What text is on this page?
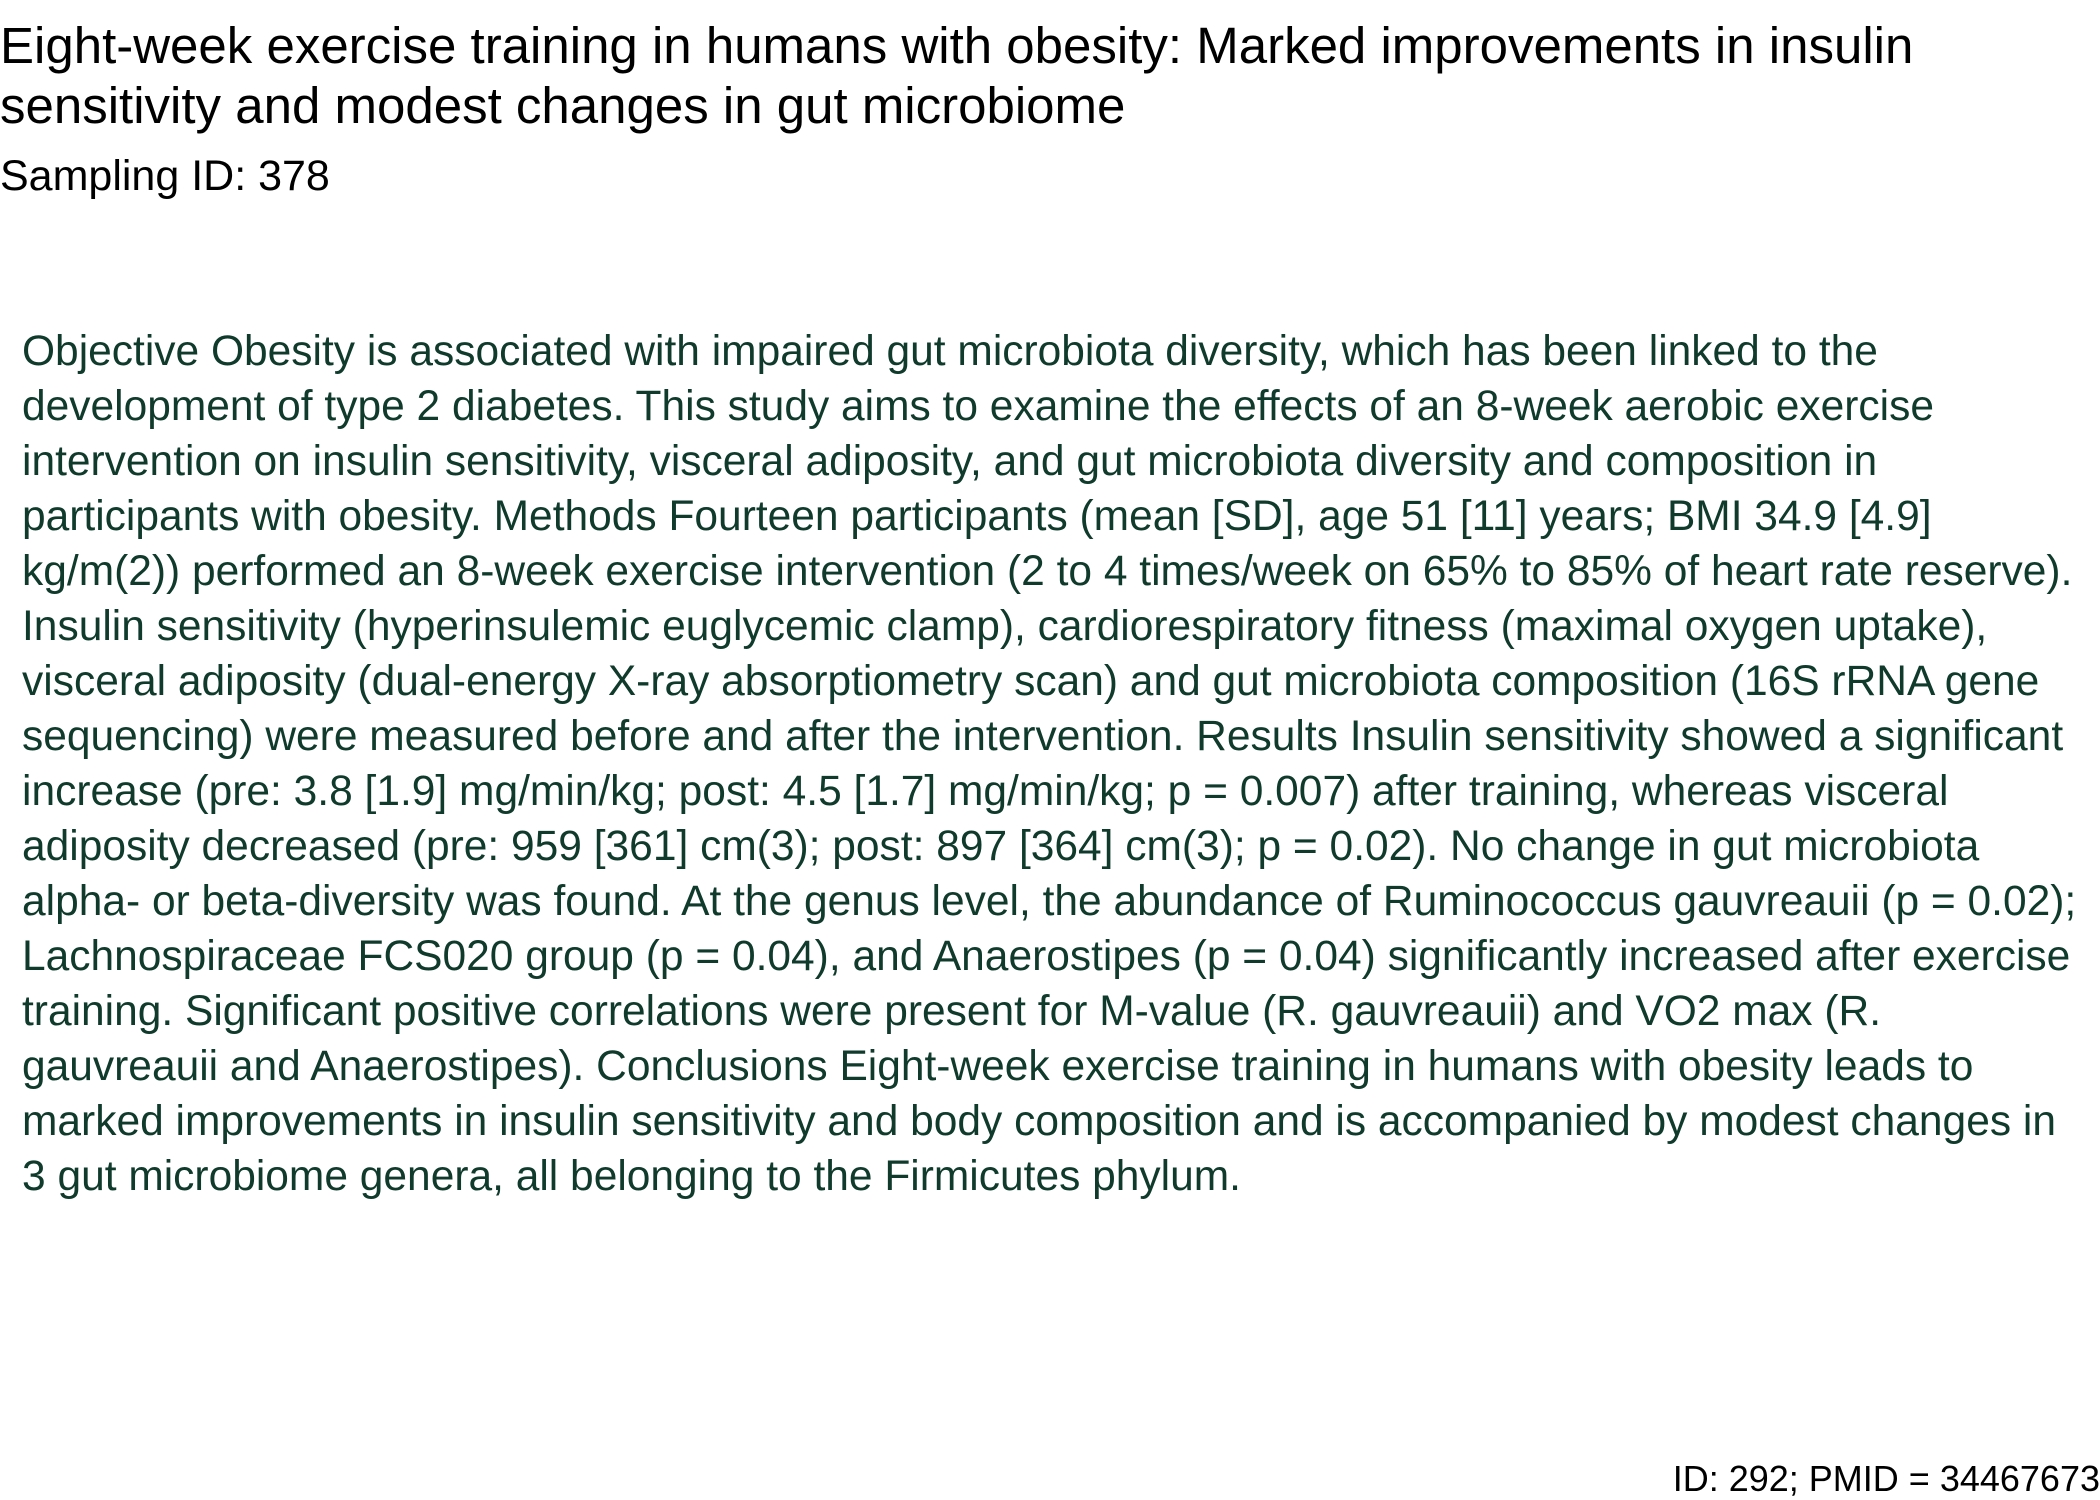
Eight-week exercise training in humans with obesity: Marked improvements in insulin sensitivity and modest changes in gut microbiome
Sampling ID: 378
Objective Obesity is associated with impaired gut microbiota diversity, which has been linked to the development of type 2 diabetes. This study aims to examine the effects of an 8-week aerobic exercise intervention on insulin sensitivity, visceral adiposity, and gut microbiota diversity and composition in participants with obesity. Methods Fourteen participants (mean [SD], age 51 [11] years; BMI 34.9 [4.9] kg/m(2)) performed an 8-week exercise intervention (2 to 4 times/week on 65% to 85% of heart rate reserve). Insulin sensitivity (hyperinsulemic euglycemic clamp), cardiorespiratory fitness (maximal oxygen uptake), visceral adiposity (dual-energy X-ray absorptiometry scan) and gut microbiota composition (16S rRNA gene sequencing) were measured before and after the intervention. Results Insulin sensitivity showed a significant increase (pre: 3.8 [1.9] mg/min/kg; post: 4.5 [1.7] mg/min/kg; p = 0.007) after training, whereas visceral adiposity decreased (pre: 959 [361] cm(3); post: 897 [364] cm(3); p = 0.02). No change in gut microbiota alpha- or beta-diversity was found. At the genus level, the abundance of Ruminococcus gauvreauii (p = 0.02); Lachnospiraceae FCS020 group (p = 0.04), and Anaerostipes (p = 0.04) significantly increased after exercise training. Significant positive correlations were present for M-value (R. gauvreauii) and VO2 max (R. gauvreauii and Anaerostipes). Conclusions Eight-week exercise training in humans with obesity leads to marked improvements in insulin sensitivity and body composition and is accompanied by modest changes in 3 gut microbiome genera, all belonging to the Firmicutes phylum.
ID: 292; PMID = 34467673
